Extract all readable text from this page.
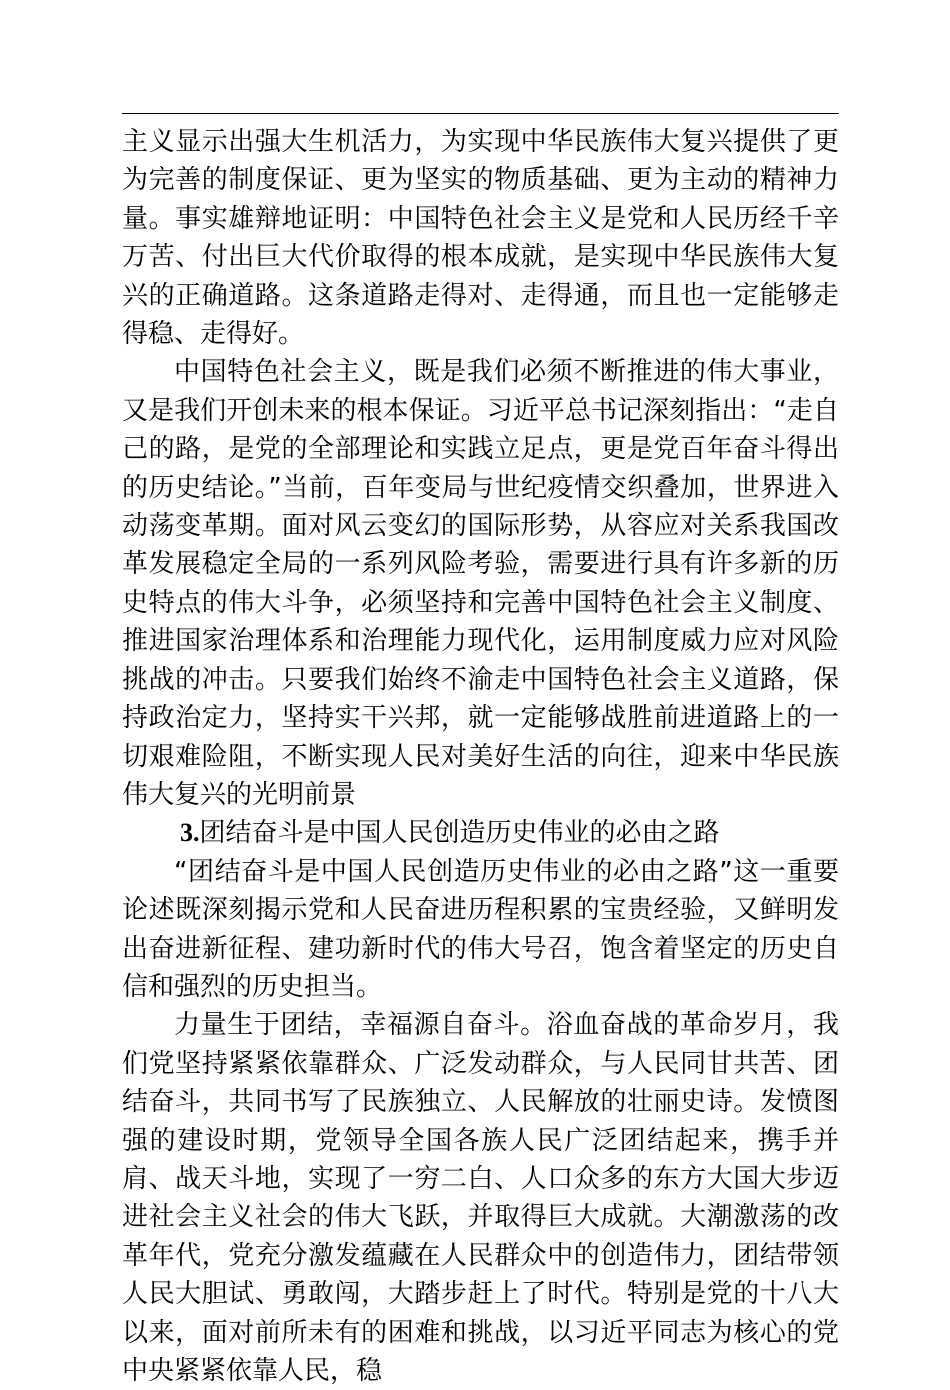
主义显示出强大生机活力，为实现中华民族伟大复兴提供了更为完善的制度保证、更为坚实的物质基础、更为主动的精神力量。事实雄辩地证明：中国特色社会主义是党和人民历经千辛万苦、付出巨大代价取得的根本成就，是实现中华民族伟大复兴的正确道路。这条道路走得对、走得通，而且也一定能够走得稳、走得好。

中国特色社会主义，既是我们必须不断推进的伟大事业，又是我们开创未来的根本保证。习近平总书记深刻指出：“走自己的路，是党的全部理论和实践立足点，更是党百年奋斗得出的历史结论。”当前，百年变局与世纪疫情交织叠加，世界进入动荡变革期。面对风云变幻的国际形势，从容应对关系我国改革发展稳定全局的一系列风险考验，需要进行具有许多新的历史特点的伟大斗争，必须坚持和完善中国特色社会主义制度、推进国家治理体系和治理能力现代化，运用制度威力应对风险挑战的冲击。只要我们始终不渝走中国特色社会主义道路，保持政治定力，坚持实干兴邦，就一定能够战胜前进道路上的一切艰难险阻，不断实现人民对美好生活的向往，迎来中华民族伟大复兴的光明前景

3.团结奋斗是中国人民创造历史伟业的必由之路

“团结奋斗是中国人民创造历史伟业的必由之路”这一重要论述既深刻揭示党和人民奋进历程积累的宝贵经验，又鲜明发出奋进新征程、建功新时代的伟大号召，饱含着坚定的历史自信和强烈的历史担当。

力量生于团结，幸福源自奋斗。浴血奋战的革命岁月，我们党坚持紧紧依靠群众、广泛发动群众，与人民同甘共苦、团结奋斗，共同书写了民族独立、人民解放的壮丽史诗。发愤图强的建设时期，党领导全国各族人民广泛团结起来，携手并肩、战天斗地，实现了一穷二白、人口众多的东方大国大步迈进社会主义社会的伟大飞跃，并取得巨大成就。大潮激荡的改革年代，党充分激发蕴藏在人民群众中的创造伟力，团结带领人民大胆试、勇敢闯，大踏步赶上了时代。特别是党的十八大以来，面对前所未有的困难和挑战，以习近平同志为核心的党中央紧紧依靠人民，稳
